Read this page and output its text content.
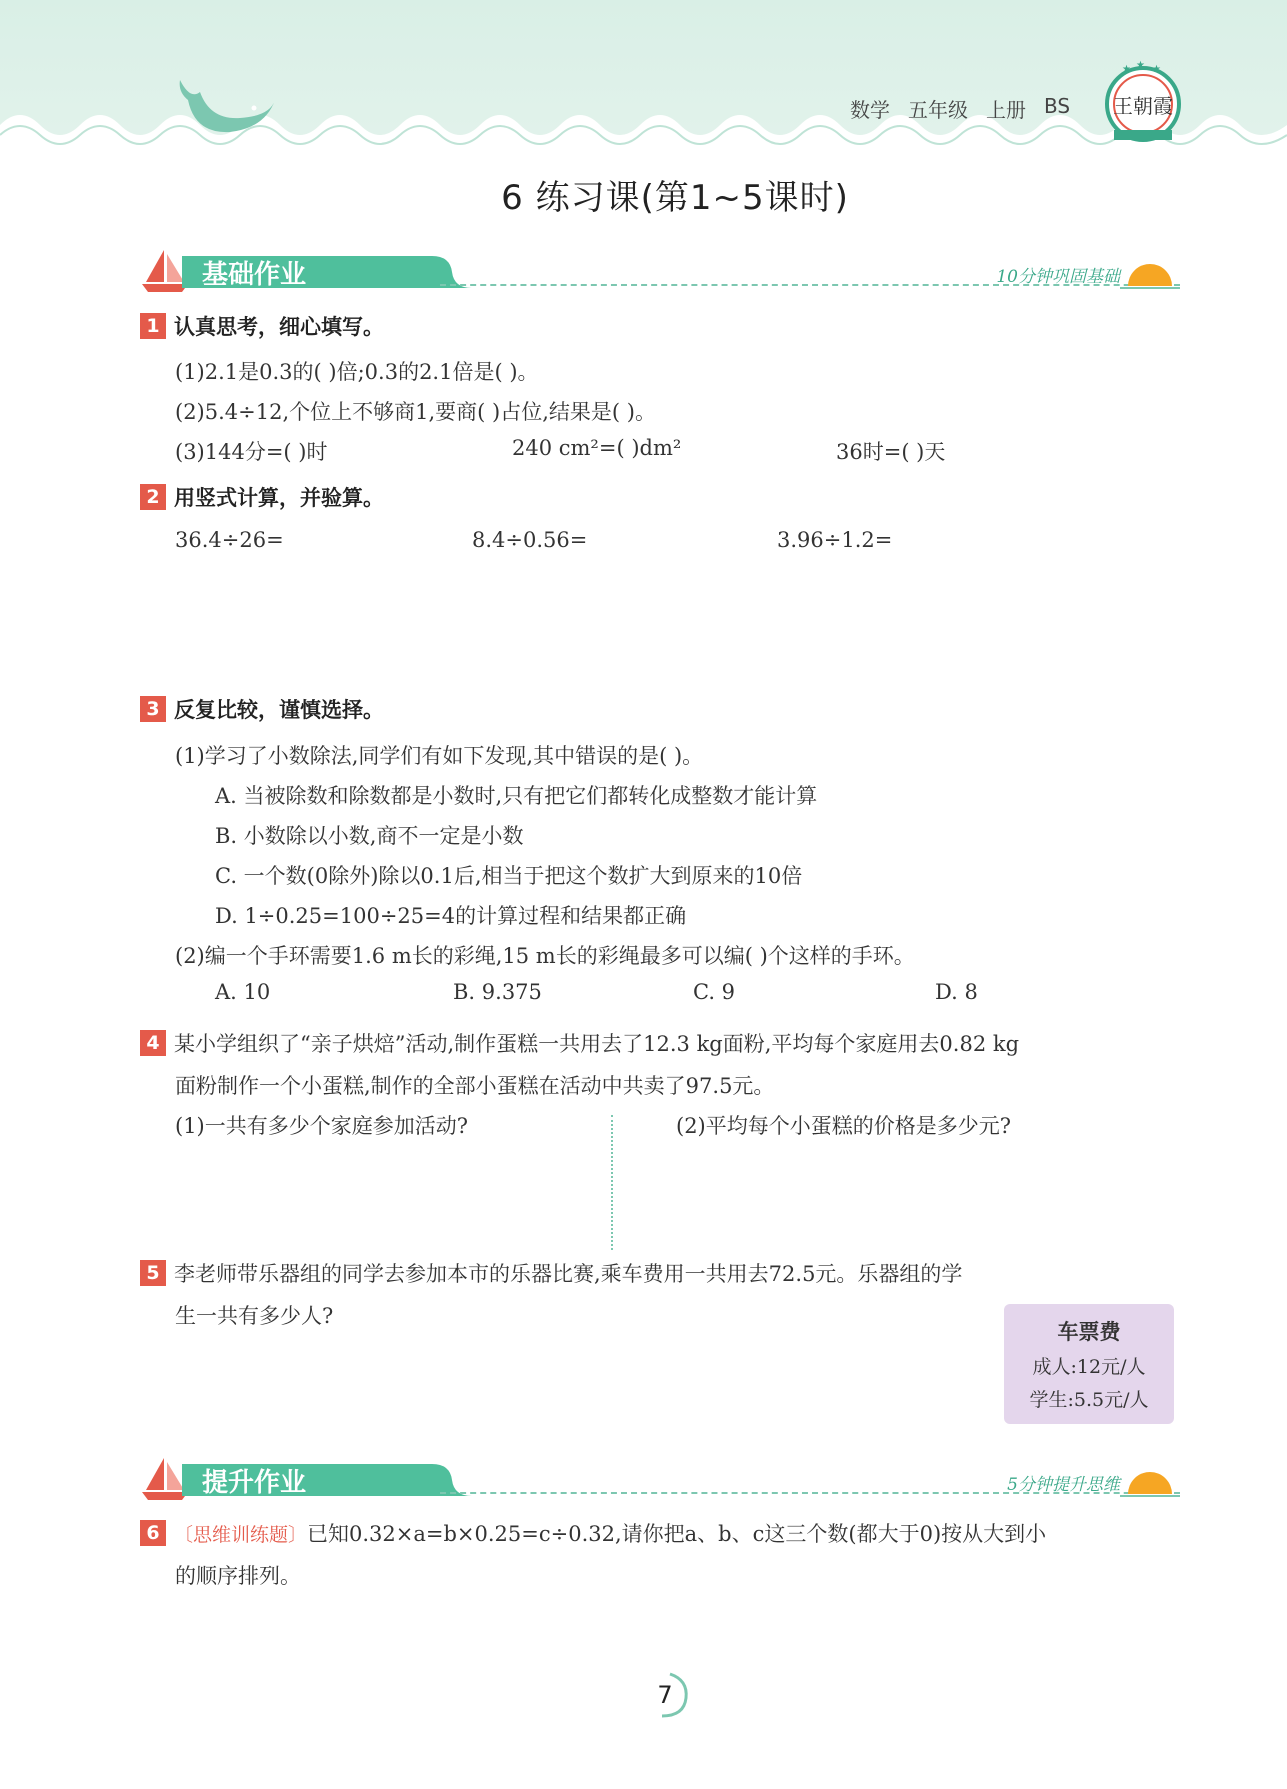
数学 五年级 上册 BS 王朝霞
★ ★ ★
6 练习课(第1~5课时)
基础作业	10分钟巩固基础
1 认真思考，细心填写。
(1)2.1是0.3的( )倍;0.3的2.1倍是( )。
(2)5.4÷12,个位上不够商1,要商( )占位,结果是( )。
(3)144分=( )时	240 cm²=( )dm²	36时=( )天
2 用竖式计算，并验算。
36.4÷26=	8.4÷0.56=	3.96÷1.2=
3 反复比较，谨慎选择。
(1)学习了小数除法,同学们有如下发现,其中错误的是( )。
A. 当被除数和除数都是小数时,只有把它们都转化成整数才能计算
B. 小数除以小数,商不一定是小数
C. 一个数(0除外)除以0.1后,相当于把这个数扩大到原来的10倍
D. 1÷0.25=100÷25=4的计算过程和结果都正确
(2)编一个手环需要1.6 m长的彩绳,15 m长的彩绳最多可以编( )个这样的手环。
A. 10	B. 9.375	C. 9	D. 8
4 某小学组织了“亲子烘焙”活动,制作蛋糕一共用去了12.3 kg面粉,平均每个家庭用去0.82 kg
面粉制作一个小蛋糕,制作的全部小蛋糕在活动中共卖了97.5元。
(1)一共有多少个家庭参加活动?	(2)平均每个小蛋糕的价格是多少元?
5 李老师带乐器组的同学去参加本市的乐器比赛,乘车费用一共用去72.5元。乐器组的学
生一共有多少人?
车票费
成人:12元/人
学生:5.5元/人
提升作业	5分钟提升思维
6 〔思维训练题〕已知0.32×a=b×0.25=c÷0.32,请你把a、b、c这三个数(都大于0)按从大到小
的顺序排列。
7
